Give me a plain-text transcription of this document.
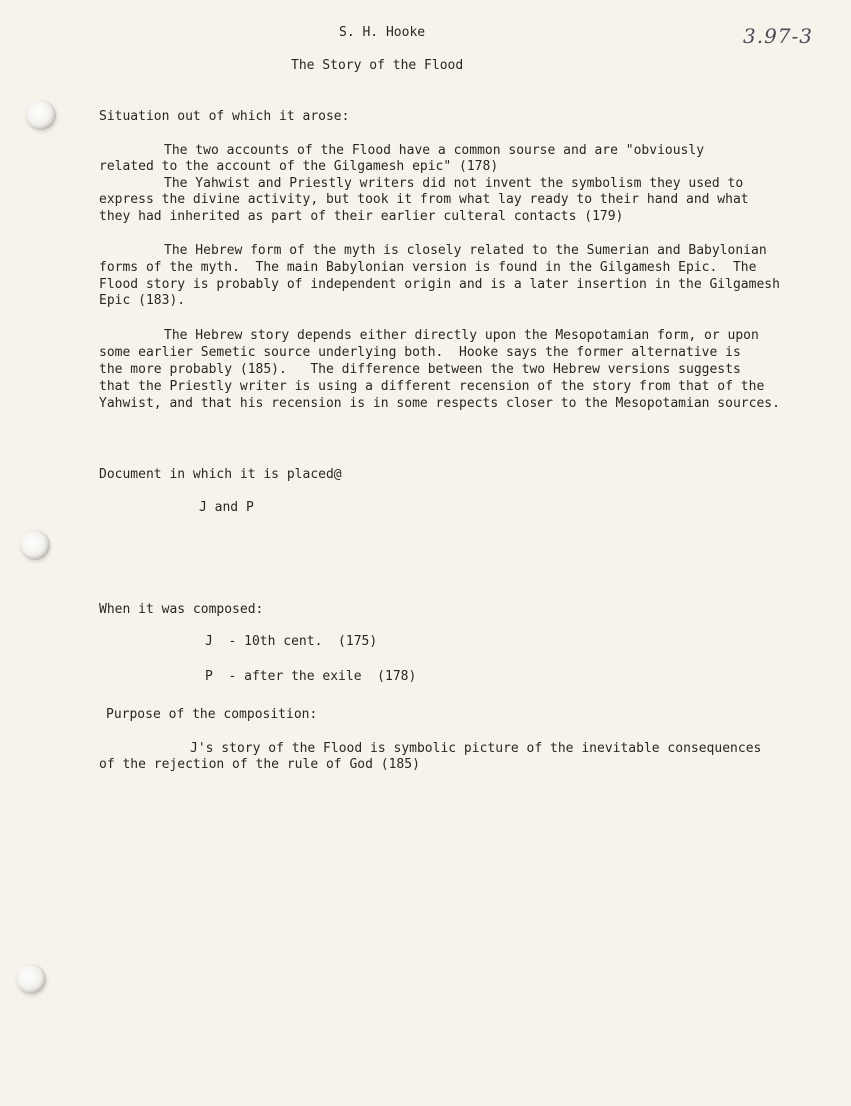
3.97-3
S. H. Hooke
The Story of the Flood
Situation out of which it arose:
The two accounts of the Flood have a common sourse and are "obviously
related to the account of the Gilgamesh epic" (178)
The Yahwist and Priestly writers did not invent the symbolism they used to
express the divine activity, but took it from what lay ready to their hand and what
they had inherited as part of their earlier culteral contacts (179)
The Hebrew form of the myth is closely related to the Sumerian and Babylonian
forms of the myth.  The main Babylonian version is found in the Gilgamesh Epic.  The
Flood story is probably of independent origin and is a later insertion in the Gilgamesh
Epic (183).
The Hebrew story depends either directly upon the Mesopotamian form, or upon
some earlier Semetic source underlying both.  Hooke says the former alternative is
the more probably (185).   The difference between the two Hebrew versions suggests
that the Priestly writer is using a different recension of the story from that of the
Yahwist, and that his recension is in some respects closer to the Mesopotamian sources.
Document in which it is placed@
J and P
When it was composed:
J  - 10th cent.  (175)
P  - after the exile  (178)
Purpose of the composition:
J's story of the Flood is symbolic picture of the inevitable consequences
of the rejection of the rule of God (185)
